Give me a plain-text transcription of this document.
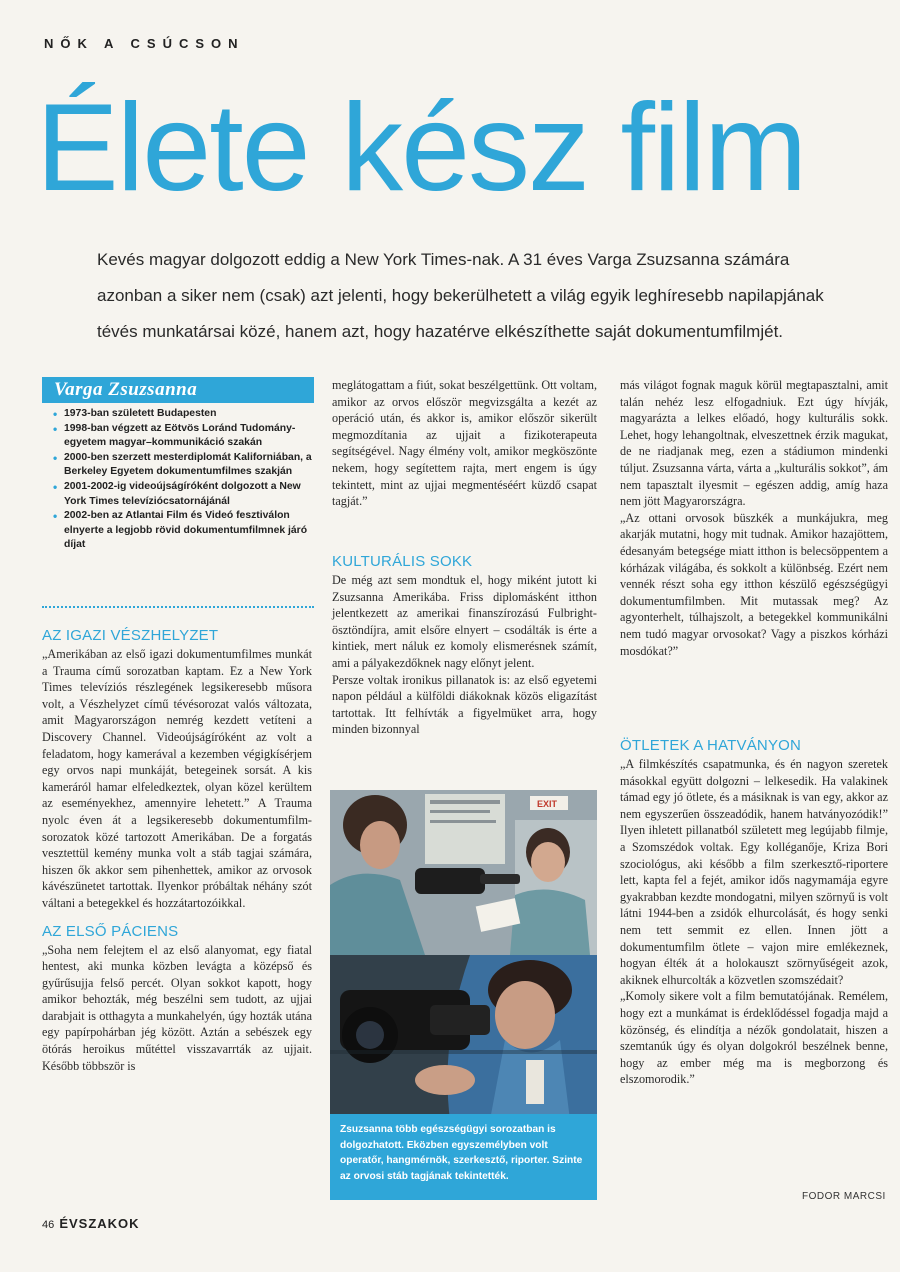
NŐK A CSÚCSON
Élete kész film

Kevés magyar dolgozott eddig a New York Times-nak. A 31 éves Varga Zsuzsanna számára

azonban a siker nem (csak) azt jelenti, hogy bekerülhetett a világ egyik leghíresebb napilapjának

tévés munkatársai közé, hanem azt, hogy hazatérve elkészíthette saját dokumentumfilmjét.

Varga Zsuzsanna
• 1973-ban született Budapesten
• 1998-ban végzett az Eötvös Loránd Tudomány-egyetem magyar–kommunikáció szakán
• 2000-ben szerzett mesterdiplomát Kaliforniában, a Berkeley Egyetem dokumentumfilmes szakján
• 2001-2002-ig videoújságíróként dolgozott a New York Times televíziócsatornájánál
• 2002-ben az Atlantai Film és Videó fesztiválon elnyerte a legjobb rövid dokumentumfilmnek járó díjat
AZ IGAZI VÉSZHELYZET

„Amerikában az első igazi dokumentumfilmes munkát a Trauma című sorozatban kaptam. Ez a New York Times televíziós részlegének legsikeresebb műsora volt, a Vészhelyzet című tévésorozat valós változata, amit Magyarországon nemrég kezdett vetíteni a Discovery Channel. Videoújságíróként az volt a feladatom, hogy kamerával a kezemben végigkísérjem egy orvos napi munkáját, betegeinek sorsát. A kis kameráról hamar elfeledkeztek, olyan közel kerültem az eseményekhez, amennyire lehetett.” A Trauma nyolc éven át a legsikeresebb dokumentumfilm-sorozatok közé tartozott Amerikában. De a forgatás vesztettül kemény munka volt a stáb tagjai számára, hiszen ők akkor sem pihenhettek, amikor az orvosok kávészünetet tartottak. Ilyenkor próbáltak néhány szót váltani a betegekkel és hozzátartozóikkal.

AZ ELSŐ PÁCIENS

„Soha nem felejtem el az első alanyomat, egy fiatal hentest, aki munka közben levágta a középső és gyűrűsujja felső percét. Olyan sokkot kapott, hogy amikor behozták, még beszélni sem tudott, az ujjai darabjait is otthagyta a munkahelyén, úgy hozták utána egy papírpohárban jég között. Aztán a sebészek egy ötórás heroikus műtéttel visszavarrták az ujjait. Később többször is

meglátogattam a fiút, sokat beszélgettünk. Ott voltam, amikor az orvos először megvizsgálta a kezét az operáció után, és akkor is, amikor először sikerült megmozdítania az ujjait a fizikoterapeuta segítségével. Nagy élmény volt, amikor megköszönte nekem, hogy segítettem rajta, mert engem is úgy tekintett, mint az ujjai megmentéséért küzdő csapat tagját.”

KULTURÁLIS SOKK

De még azt sem mondtuk el, hogy miként jutott ki Zsuzsanna Amerikába. Friss diplomásként itthon jelentkezett az amerikai finanszírozású Fulbright-ösztöndíjra, amit elsőre elnyert – csodálták is érte a kintiek, mert náluk ez komoly elismerésnek számít, ami a pályakezdőknek nagy előnyt jelent.

Persze voltak ironikus pillanatok is: az első egyetemi napon például a külföldi diákoknak közös eligazítást tartottak. Itt felhívták a figyelmüket arra, hogy minden bizonnyal

EXIT
Zsuzsanna több egészségügyi sorozatban is dolgozhatott. Eközben egyszemélyben volt operatőr, hangmérnök, szerkesztő, riporter. Szinte az orvosi stáb tagjának tekintették.

más világot fognak maguk körül megtapasztalni, amit talán nehéz lesz elfogadniuk. Ezt úgy hívják, magyarázta a lelkes előadó, hogy kulturális sokk. Lehet, hogy lehangoltnak, elveszettnek érzik magukat, de ne riadjanak meg, ezen a stádiumon mindenki túljut. Zsuzsanna várta, várta a „kulturális sokkot”, ám nem tapasztalt ilyesmit – egészen addig, amíg haza nem jött Magyarországra.

„Az ottani orvosok büszkék a munkájukra, meg akarják mutatni, hogy mit tudnak. Amikor hazajöttem, édesanyám betegsége miatt itthon is belecsöppentem a kórházak világába, és sokkolt a különbség. Ezért nem vennék részt soha egy itthon készülő egészségügyi dokumentumfilmben. Mit mutassak meg? Az agyonterhelt, túlhajszolt, a betegekkel kommunikálni nem tudó magyar orvosokat? Vagy a piszkos kórházi mosdókat?”

ÖTLETEK A HATVÁNYON

„A filmkészítés csapatmunka, és én nagyon szeretek másokkal együtt dolgozni – lelkesedik. Ha valakinek támad egy jó ötlete, és a másiknak is van egy, akkor az nem egyszerűen összeadódik, hanem hatványozódik!” Ilyen ihletett pillanatból született meg legújabb filmje, a Szomszédok voltak. Egy kolléganője, Kriza Bori szociológus, aki később a film szerkesztő-riportere lett, kapta fel a fejét, amikor idős nagymamája egyre gyakrabban kezdte mondogatni, milyen szörnyű is volt látni 1944-ben a zsidók elhurcolását, és hogy senki nem tett semmit ez ellen. Innen jött a dokumentumfilm ötlete – vajon mire emlékeznek, hogyan élték át a holokauszt szörnyűségeit azok, akiknek elhurcolták a közvetlen szomszédait?

„Komoly sikere volt a film bemutatójának. Remélem, hogy ezt a munkámat is érdeklődéssel fogadja majd a közönség, és elindítja a nézők gondolatait, hiszen a szemtanúk úgy és olyan dolgokról beszélnek benne, hogy az ember még ma is megborzong és elszomorodik.”

FODOR MARCSI
46 ÉVSZAKOK
